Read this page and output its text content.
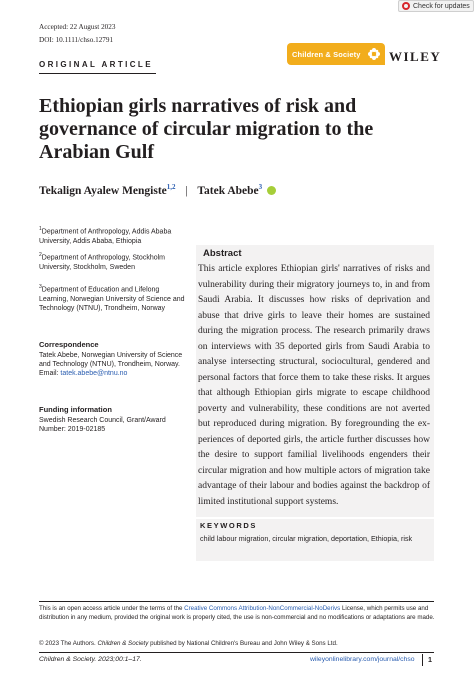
Accepted: 22 August 2023
DOI: 10.1111/chso.12791
Check for updates
Children & Society WILEY
ORIGINAL ARTICLE
Ethiopian girls narratives of risk and governance of circular migration to the Arabian Gulf
Tekalign Ayalew Mengiste$^{1,2}$ | Tatek Abebe$^3$
$^1$Department of Anthropology, Addis Ababa University, Addis Ababa, Ethiopia
$^2$Department of Anthropology, Stockholm University, Stockholm, Sweden
$^3$Department of Education and Lifelong Learning, Norwegian University of Science and Technology (NTNU), Trondheim, Norway
Correspondence
Tatek Abebe, Norwegian University of Science and Technology (NTNU), Trondheim, Norway.
Email: tatek.abebe@ntnu.no
Funding information
Swedish Research Council, Grant/Award Number: 2019-02185
Abstract
This article explores Ethiopian girls' narratives of risks and vulnerability during their migratory journeys to, in and from Saudi Arabia. It discusses how risks of deprivation and abuse that drive girls to leave their homes are sustained during the migration process. The research primarily draws on interviews with 35 deported girls from Saudi Arabia to analyse intersecting structural, sociocultural, gendered and personal factors that force them to take these risks. It argues that although Ethiopian girls migrate to escape childhood poverty and vulnerability, these conditions are not averted but reproduced during migration. By foregrounding the experiences of deported girls, the article further discusses how the desire to support familial livelihoods engenders their circular migration and how multiple actors of migration take advantage of their labour and bodies against the backdrop of limited institutional support systems.
KEYWORDS
child labour migration, circular migration, deportation, Ethiopia, risk
This is an open access article under the terms of the Creative Commons Attribution-NonCommercial-NoDerivs License, which permits use and distribution in any medium, provided the original work is properly cited, the use is non-commercial and no modifications or adaptations are made.
© 2023 The Authors. Children & Society published by National Children's Bureau and John Wiley & Sons Ltd.
Children & Society. 2023;00:1–17.	wileyonlinelibrary.com/journal/chso 1
